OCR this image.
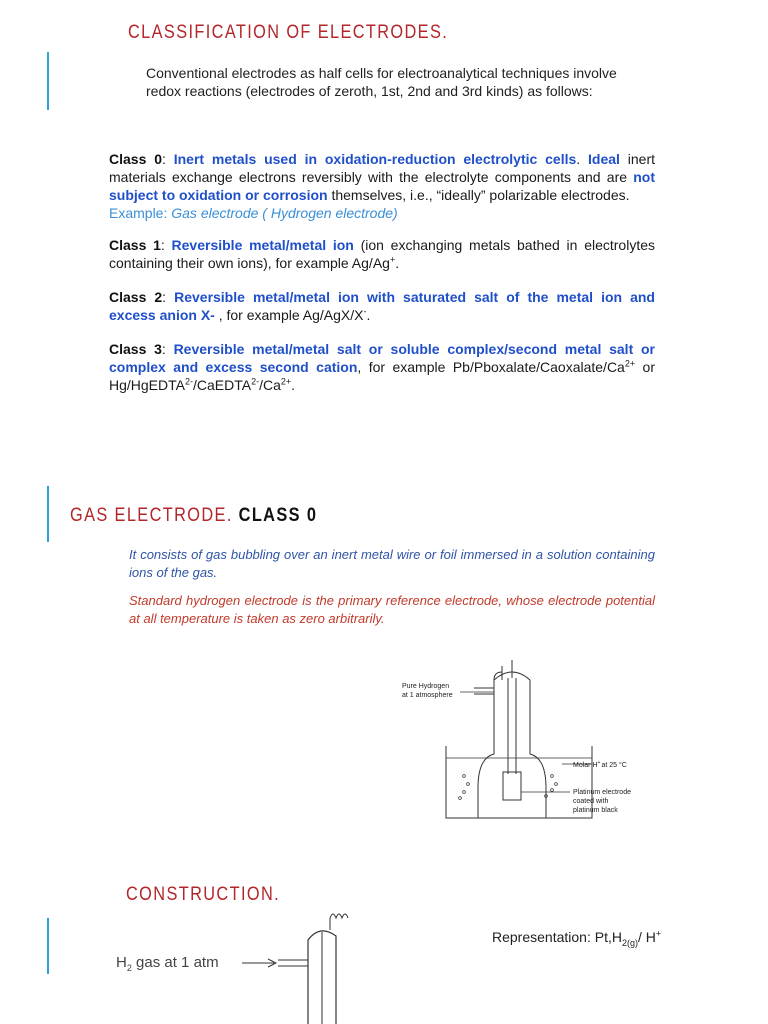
CLASSIFICATION OF ELECTRODES.
Conventional electrodes as half cells for electroanalytical techniques involve redox reactions (electrodes of zeroth, 1st, 2nd and 3rd kinds) as follows:
Class 0: Inert metals used in oxidation-reduction electrolytic cells. Ideal inert materials exchange electrons reversibly with the electrolyte components and are not subject to oxidation or corrosion themselves, i.e., “ideally” polarizable electrodes.
Example: Gas electrode ( Hydrogen electrode)
Class 1: Reversible metal/metal ion (ion exchanging metals bathed in electrolytes containing their own ions), for example Ag/Ag+.
Class 2: Reversible metal/metal ion with saturated salt of the metal ion and excess anion X- , for example Ag/AgX/X-.
Class 3: Reversible metal/metal salt or soluble complex/second metal salt or complex and excess second cation, for example $Pb/Pboxalate/Caoxalate/Ca^{2+}$ or $Hg/HgEDTA^{2-}/CaEDTA^{2-}/Ca^{2+}$.
GAS ELECTRODE. CLASS 0
It consists of gas bubbling over an inert metal wire or foil immersed in a solution containing ions of the gas.
Standard hydrogen electrode is the primary reference electrode, whose electrode potential at all temperature is taken as zero arbitrarily.
Pure Hydrogen
at 1 atmosphere
Molar H+at 25 °C
Platinum electrode
coated with
platinum black
CONSTRUCTION.
$H_2$ gas at 1 atm
Representation: $Pt,H_{2(g)}/$ H+
